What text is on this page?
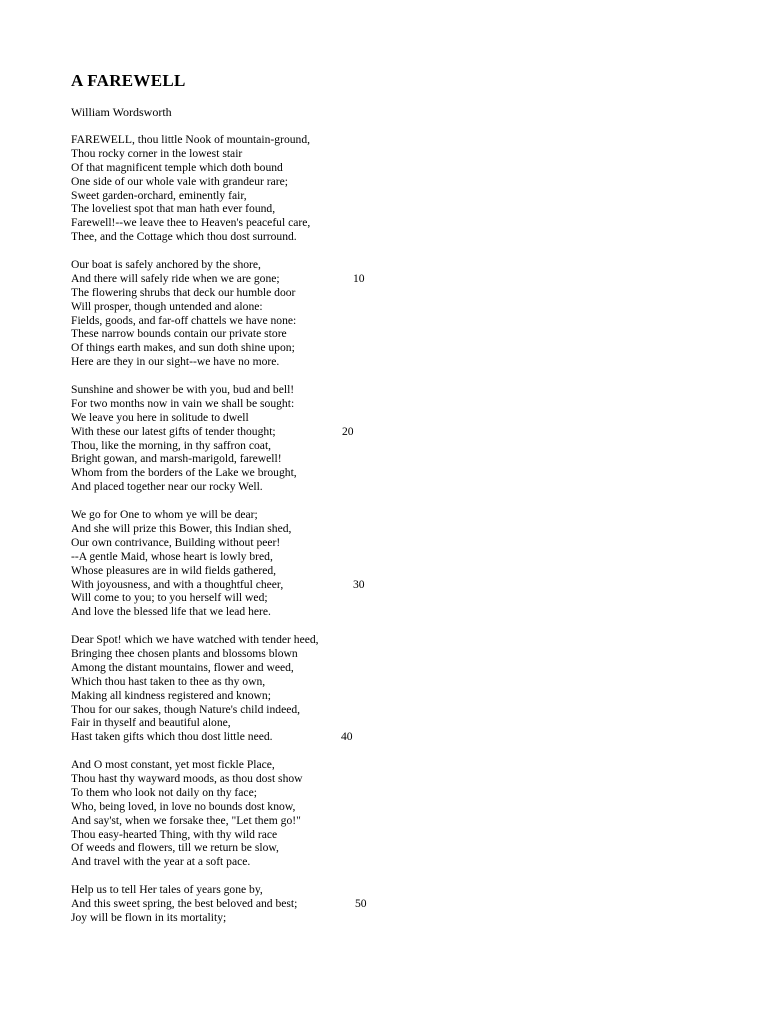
A FAREWELL
William Wordsworth
FAREWELL, thou little Nook of mountain-ground,
Thou rocky corner in the lowest stair
Of that magnificent temple which doth bound
One side of our whole vale with grandeur rare;
Sweet garden-orchard, eminently fair,
The loveliest spot that man hath ever found,
Farewell!--we leave thee to Heaven's peaceful care,
Thee, and the Cottage which thou dost surround.
Our boat is safely anchored by the shore,
And there will safely ride when we are gone;	10
The flowering shrubs that deck our humble door
Will prosper, though untended and alone:
Fields, goods, and far-off chattels we have none:
These narrow bounds contain our private store
Of things earth makes, and sun doth shine upon;
Here are they in our sight--we have no more.
Sunshine and shower be with you, bud and bell!
For two months now in vain we shall be sought:
We leave you here in solitude to dwell
With these our latest gifts of tender thought;	20
Thou, like the morning, in thy saffron coat,
Bright gowan, and marsh-marigold, farewell!
Whom from the borders of the Lake we brought,
And placed together near our rocky Well.
We go for One to whom ye will be dear;
And she will prize this Bower, this Indian shed,
Our own contrivance, Building without peer!
--A gentle Maid, whose heart is lowly bred,
Whose pleasures are in wild fields gathered,
With joyousness, and with a thoughtful cheer,	30
Will come to you; to you herself will wed;
And love the blessed life that we lead here.
Dear Spot! which we have watched with tender heed,
Bringing thee chosen plants and blossoms blown
Among the distant mountains, flower and weed,
Which thou hast taken to thee as thy own,
Making all kindness registered and known;
Thou for our sakes, though Nature's child indeed,
Fair in thyself and beautiful alone,
Hast taken gifts which thou dost little need.	40
And O most constant, yet most fickle Place,
Thou hast thy wayward moods, as thou dost show
To them who look not daily on thy face;
Who, being loved, in love no bounds dost know,
And say'st, when we forsake thee, "Let them go!"
Thou easy-hearted Thing, with thy wild race
Of weeds and flowers, till we return be slow,
And travel with the year at a soft pace.
Help us to tell Her tales of years gone by,
And this sweet spring, the best beloved and best;	50
Joy will be flown in its mortality;
